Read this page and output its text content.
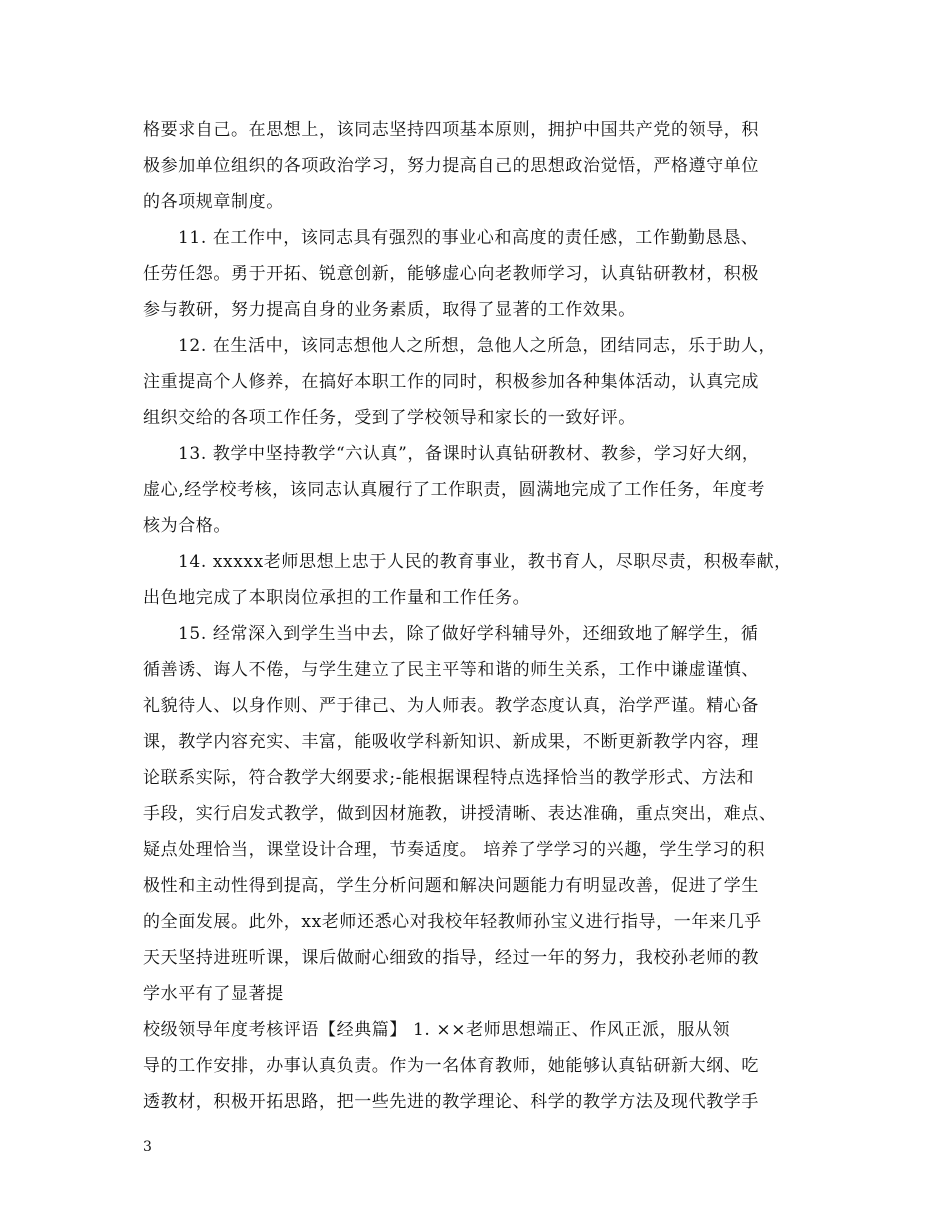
格要求自己。在思想上，该同志坚持四项基本原则，拥护中国共产党的领导，积
极参加单位组织的各项政治学习，努力提高自己的思想政治觉悟，严格遵守单位
的各项规章制度。
11. 在工作中，该同志具有强烈的事业心和高度的责任感，工作勤勤恳恳、
任劳任怨。勇于开拓、锐意创新，能够虚心向老教师学习，认真钻研教材，积极
参与教研，努力提高自身的业务素质，取得了显著的工作效果。
12. 在生活中，该同志想他人之所想，急他人之所急，团结同志，乐于助人，
注重提高个人修养，在搞好本职工作的同时，积极参加各种集体活动，认真完成
组织交给的各项工作任务，受到了学校领导和家长的一致好评。
13. 教学中坚持教学“六认真”，备课时认真钻研教材、教参，学习好大纲，
虚心,经学校考核，该同志认真履行了工作职责，圆满地完成了工作任务，年度考
核为合格。
14. xxxxx老师思想上忠于人民的教育事业，教书育人，尽职尽责，积极奉献，
出色地完成了本职岗位承担的工作量和工作任务。
15. 经常深入到学生当中去，除了做好学科辅导外，还细致地了解学生，循
循善诱、诲人不倦，与学生建立了民主平等和谐的师生关系，工作中谦虚谨慎、
礼貌待人、以身作则、严于律己、为人师表。教学态度认真，治学严谨。精心备
课，教学内容充实、丰富，能吸收学科新知识、新成果，不断更新教学内容，理
论联系实际，符合教学大纲要求;-能根据课程特点选择恰当的教学形式、方法和
手段，实行启发式教学，做到因材施教，讲授清晰、表达准确，重点突出，难点、
疑点处理恰当，课堂设计合理，节奏适度。 培养了学学习的兴趣，学生学习的积
极性和主动性得到提高，学生分析问题和解决问题能力有明显改善，促进了学生
的全面发展。此外，xx老师还悉心对我校年轻教师孙宝义进行指导，一年来几乎
天天坚持进班听课，课后做耐心细致的指导，经过一年的努力，我校孙老师的教
学水平有了显著提
校级领导年度考核评语【经典篇】 1. ××老师思想端正、作风正派，服从领
导的工作安排，办事认真负责。作为一名体育教师，她能够认真钻研新大纲、吃
透教材，积极开拓思路，把一些先进的教学理论、科学的教学方法及现代教学手
3
